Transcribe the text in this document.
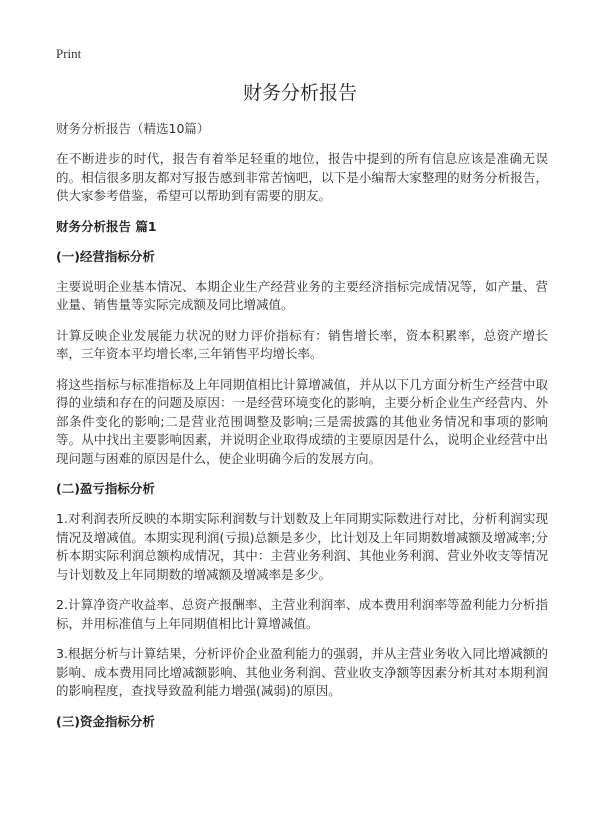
Print
财务分析报告
财务分析报告（精选10篇）

在不断进步的时代，报告有着举足轻重的地位，报告中提到的所有信息应该是准确无误的。相信很多朋友都对写报告感到非常苦恼吧，以下是小编帮大家整理的财务分析报告，供大家参考借鉴，希望可以帮助到有需要的朋友。

财务分析报告 篇1
(一)经营指标分析

主要说明企业基本情况、本期企业生产经营业务的主要经济指标完成情况等，如产量、营业量、销售量等实际完成额及同比增减值。

计算反映企业发展能力状况的财力评价指标有：销售增长率，资本积累率，总资产增长率，三年资本平均增长率,三年销售平均增长率。

将这些指标与标准指标及上年同期值相比计算增减值，并从以下几方面分析生产经营中取得的业绩和存在的问题及原因：一是经营环境变化的影响，主要分析企业生产经营内、外部条件变化的影响;二是营业范围调整及影响;三是需披露的其他业务情况和事项的影响等。从中找出主要影响因素，并说明企业取得成绩的主要原因是什么，说明企业经营中出现问题与困难的原因是什么，使企业明确今后的发展方向。

(二)盈亏指标分析

1.对利润表所反映的本期实际利润数与计划数及上年同期实际数进行对比，分析利润实现情况及增减值。本期实现利润(亏损)总额是多少，比计划及上年同期数增减额及增减率;分析本期实际利润总额构成情况，其中：主营业务利润、其他业务利润、营业外收支等情况与计划数及上年同期数的增减额及增减率是多少。

2.计算净资产收益率、总资产报酬率、主营业利润率、成本费用利润率等盈利能力分析指标，并用标准值与上年同期值相比计算增减值。

3.根据分析与计算结果，分析评价企业盈利能力的强弱，并从主营业务收入同比增减额的影响、成本费用同比增减额影响、其他业务利润、营业收支净额等因素分析其对本期利润的影响程度，查找导致盈利能力增强(减弱)的原因。

(三)资金指标分析
